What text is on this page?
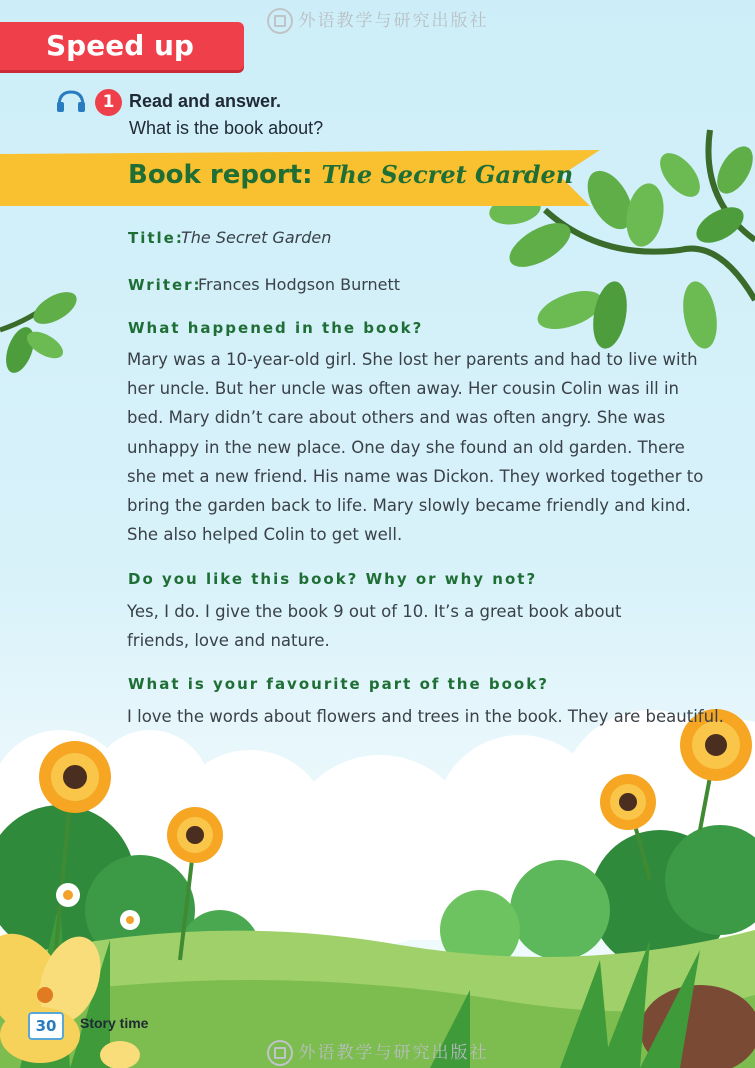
外语教学与研究出版社
Speed up
1 Read and answer.
What is the book about?
Book report: The Secret Garden
Title:
The Secret Garden
Writer:
Frances Hodgson Burnett
What happened in the book?
Mary was a 10-year-old girl. She lost her parents and had to live with her uncle. But her uncle was often away. Her cousin Colin was ill in bed. Mary didn’t care about others and was often angry. She was unhappy in the new place. One day she found an old garden. There she met a new friend. His name was Dickon. They worked together to bring the garden back to life. Mary slowly became friendly and kind. She also helped Colin to get well.
Do you like this book? Why or why not?
Yes, I do. I give the book 9 out of 10. It’s a great book about friends, love and nature.
What is your favourite part of the book?
I love the words about flowers and trees in the book. They are beautiful.
30	Story time
外语教学与研究出版社
